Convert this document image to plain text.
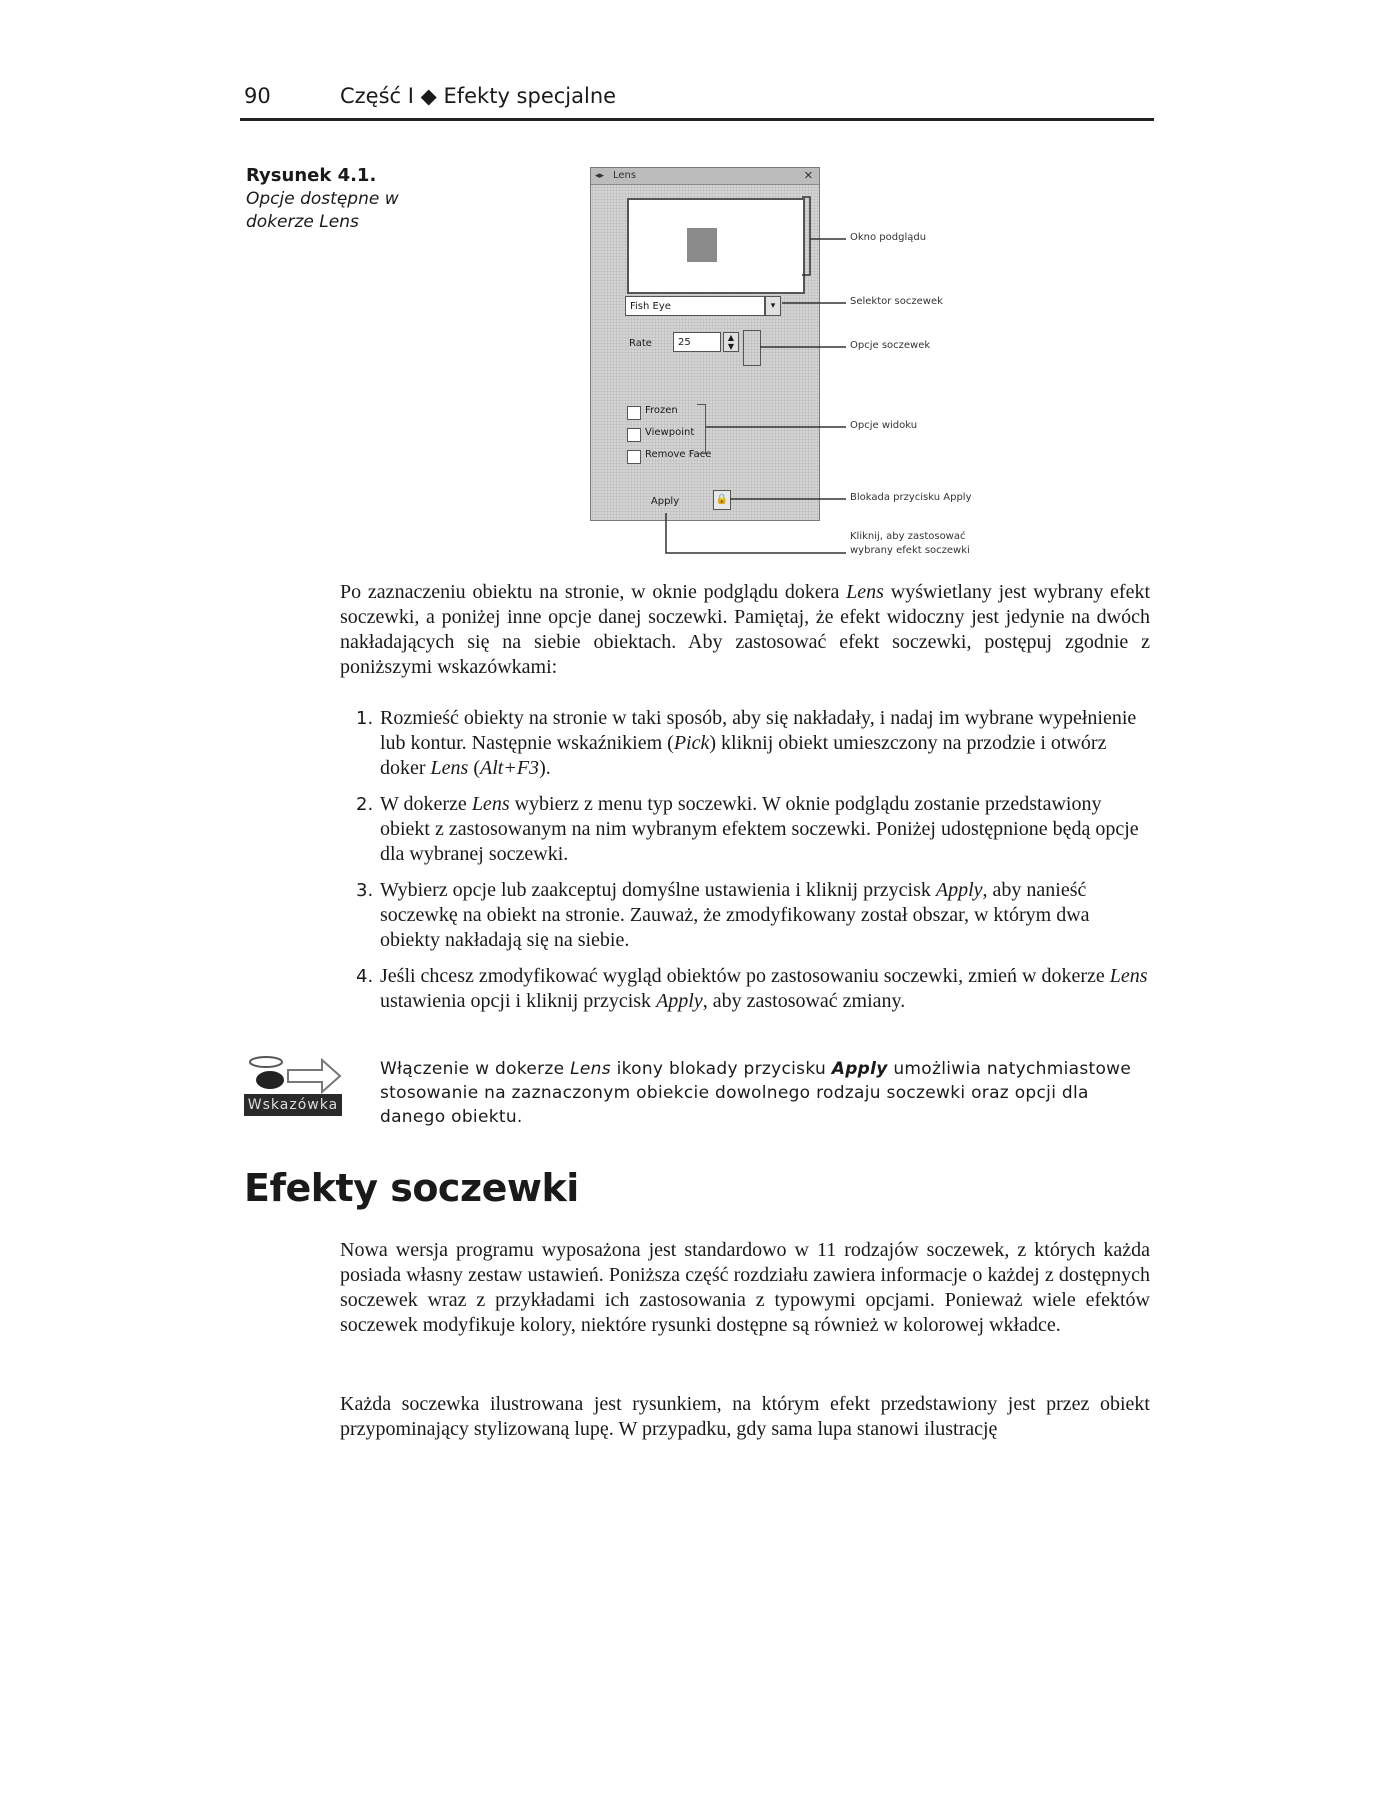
90	Część I ◆ Efekty specjalne
Rysunek 4.1.
Opcje dostępne w dokerze Lens
◂▸ Lens	✕
Fish Eye	▾
Rate	25	▲
▼
Frozen
Viewpoint
Remove Face
Apply	🔒
Okno podglądu
Selektor soczewek
Opcje soczewek
Opcje widoku
Blokada przycisku Apply
Kliknij, aby zastosować
wybrany efekt soczewki

Po zaznaczeniu obiektu na stronie, w oknie podglądu dokera Lens wyświetlany jest wybrany efekt soczewki, a poniżej inne opcje danej soczewki. Pamiętaj, że efekt widoczny jest jedynie na dwóch nakładających się na siebie obiektach. Aby zastosować efekt soczewki, postępuj zgodnie z poniższymi wskazówkami:

1. Rozmieść obiekty na stronie w taki sposób, aby się nakładały, i nadaj im wybrane wypełnienie lub kontur. Następnie wskaźnikiem (Pick) kliknij obiekt umieszczony na przodzie i otwórz doker Lens (Alt+F3).
2. W dokerze Lens wybierz z menu typ soczewki. W oknie podglądu zostanie przedstawiony obiekt z zastosowanym na nim wybranym efektem soczewki. Poniżej udostępnione będą opcje dla wybranej soczewki.
3. Wybierz opcje lub zaakceptuj domyślne ustawienia i kliknij przycisk Apply, aby nanieść soczewkę na obiekt na stronie. Zauważ, że zmodyfikowany został obszar, w którym dwa obiekty nakładają się na siebie.
4. Jeśli chcesz zmodyfikować wygląd obiektów po zastosowaniu soczewki, zmień w dokerze Lens ustawienia opcji i kliknij przycisk Apply, aby zastosować zmiany.
Wskazówka

Włączenie w dokerze Lens ikony blokady przycisku Apply umożliwia natychmiastowe stosowanie na zaznaczonym obiekcie dowolnego rodzaju soczewki oraz opcji dla danego obiektu.

Efekty soczewki

Nowa wersja programu wyposażona jest standardowo w 11 rodzajów soczewek, z których każda posiada własny zestaw ustawień. Poniższa część rozdziału zawiera informacje o każdej z dostępnych soczewek wraz z przykładami ich zastosowania z typowymi opcjami. Ponieważ wiele efektów soczewek modyfikuje kolory, niektóre rysunki dostępne są również w kolorowej wkładce.

Każda soczewka ilustrowana jest rysunkiem, na którym efekt przedstawiony jest przez obiekt przypominający stylizowaną lupę. W przypadku, gdy sama lupa stanowi ilustrację
